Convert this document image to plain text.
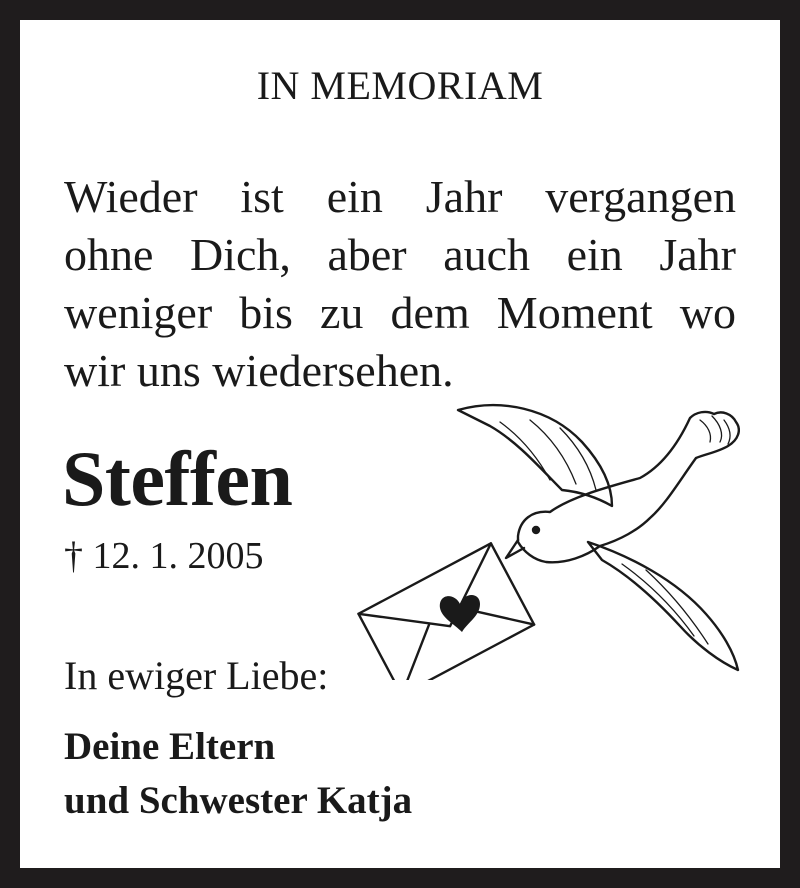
IN MEMORIAM
Wieder ist ein Jahr vergangen
ohne Dich, aber auch ein Jahr
weniger bis zu dem Moment wo
wir uns wiedersehen.
Steffen
† 12. 1. 2005
In ewiger Liebe:
Deine Eltern
und Schwester Katja
